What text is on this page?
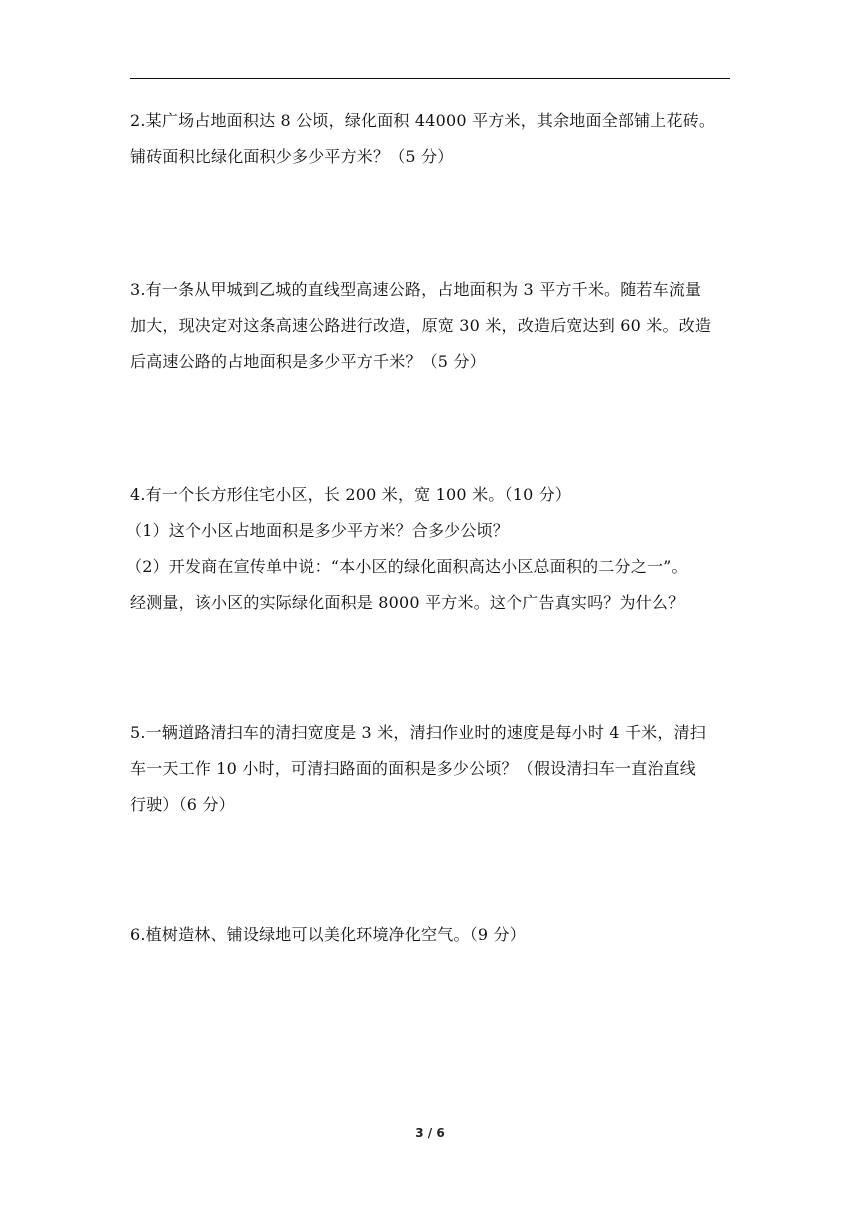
2.某广场占地面积达 8 公顷，绿化面积 44000 平方米，其余地面全部铺上花砖。
铺砖面积比绿化面积少多少平方米？（5 分）
3.有一条从甲城到乙城的直线型高速公路，占地面积为 3 平方千米。随若车流量
加大，现决定对这条高速公路进行改造，原宽 30 米，改造后宽达到 60 米。改造
后高速公路的占地面积是多少平方千米？（5 分）
4.有一个长方形住宅小区，长 200 米，宽 100 米。（10 分）
（1）这个小区占地面积是多少平方米？合多少公顷？
（2）开发商在宣传单中说：“本小区的绿化面积高达小区总面积的二分之一”。
经测量，该小区的实际绿化面积是 8000 平方米。这个广告真实吗？为什么？
5.一辆道路清扫车的清扫宽度是 3 米，清扫作业时的速度是每小时 4 千米，清扫
车一天工作 10 小时，可清扫路面的面积是多少公顷？（假设清扫车一直治直线
行驶）（6 分）
6.植树造林、铺设绿地可以美化环境净化空气。（9 分）
3 / 6
